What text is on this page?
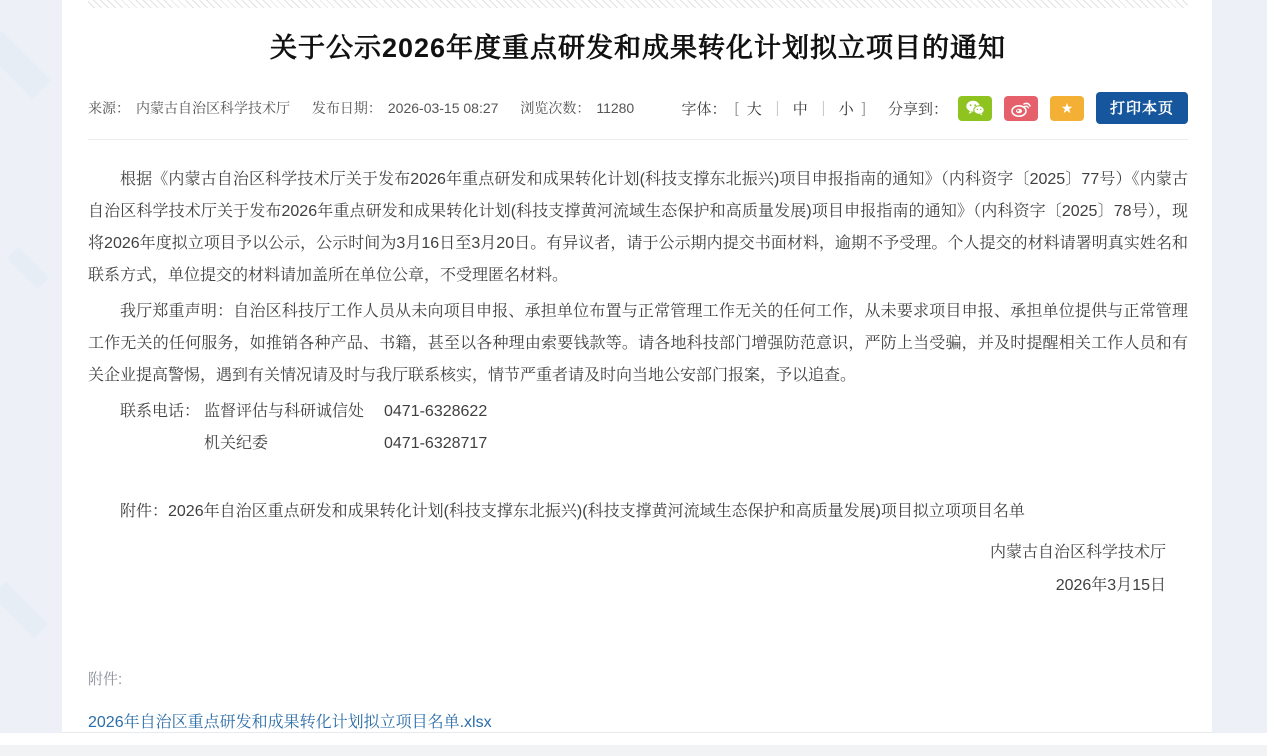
关于公示2026年度重点研发和成果转化计划拟立项目的通知
来源： 内蒙古自治区科学技术厅 发布日期： 2026-03-15 08:27 浏览次数： 11280	字体： [ 大 ｜ 中 ｜ 小 ] 分享到：	★	打印本页

根据《内蒙古自治区科学技术厅关于发布2026年重点研发和成果转化计划(科技支撑东北振兴)项目申报指南的通知》（内科资字〔2025〕77号）《内蒙古自治区科学技术厅关于发布2026年重点研发和成果转化计划(科技支撑黄河流域生态保护和高质量发展)项目申报指南的通知》（内科资字〔2025〕78号），现将2026年度拟立项目予以公示，公示时间为3月16日至3月20日。有异议者，请于公示期内提交书面材料，逾期不予受理。个人提交的材料请署明真实姓名和联系方式，单位提交的材料请加盖所在单位公章，不受理匿名材料。

我厅郑重声明：自治区科技厅工作人员从未向项目申报、承担单位布置与正常管理工作无关的任何工作，从未要求项目申报、承担单位提供与正常管理工作无关的任何服务，如推销各种产品、书籍，甚至以各种理由索要钱款等。请各地科技部门增强防范意识，严防上当受骗，并及时提醒相关工作人员和有关企业提高警惕，遇到有关情况请及时与我厅联系核实，情节严重者请及时向当地公安部门报案，予以追查。

联系电话： 监督评估与科研诚信处	0471-6328622
机关纪委	0471-6328717

附件：2026年自治区重点研发和成果转化计划(科技支撑东北振兴)(科技支撑黄河流域生态保护和高质量发展)项目拟立项项目名单

内蒙古自治区科学技术厅
2026年3月15日
附件:
2026年自治区重点研发和成果转化计划拟立项目名单.xlsx
